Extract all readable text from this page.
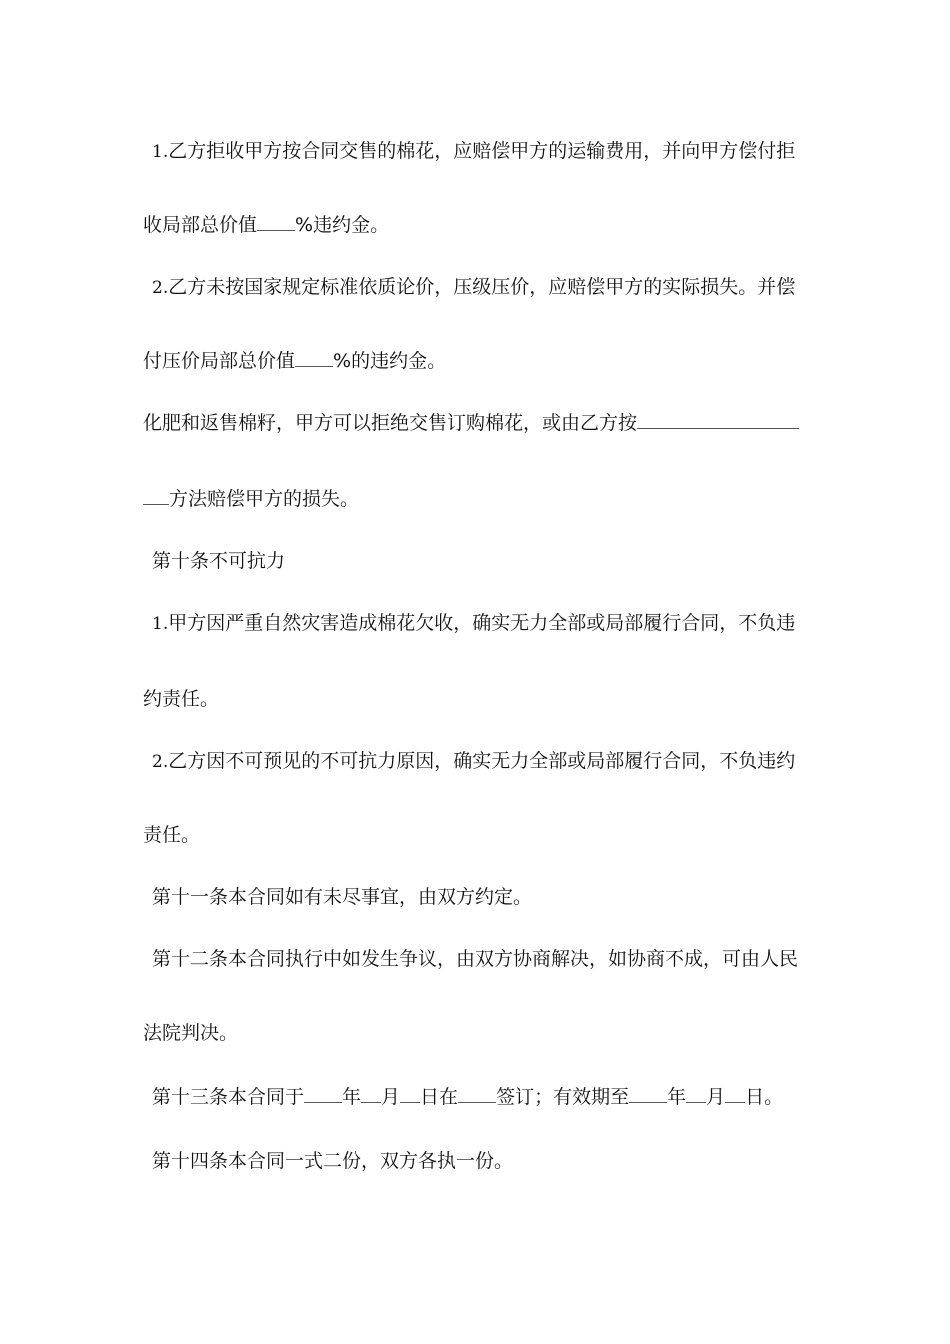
1.乙方拒收甲方按合同交售的棉花，应赔偿甲方的运输费用，并向甲方偿付拒
收局部总价值 %违约金。
2.乙方未按国家规定标准依质论价，压级压价，应赔偿甲方的实际损失。并偿
付压价局部总价值 %的违约金。
化肥和返售棉籽，甲方可以拒绝交售订购棉花，或由乙方按
方法赔偿甲方的损失。
第十条不可抗力
1.甲方因严重自然灾害造成棉花欠收，确实无力全部或局部履行合同，不负违
约责任。
2.乙方因不可预见的不可抗力原因，确实无力全部或局部履行合同，不负违约
责任。
第十一条本合同如有未尽事宜，由双方约定。
第十二条本合同执行中如发生争议，由双方协商解决，如协商不成，可由人民
法院判决。
第十三条本合同于 年 月 日在 签订；有效期至 年 月 日。
第十四条本合同一式二份，双方各执一份。
